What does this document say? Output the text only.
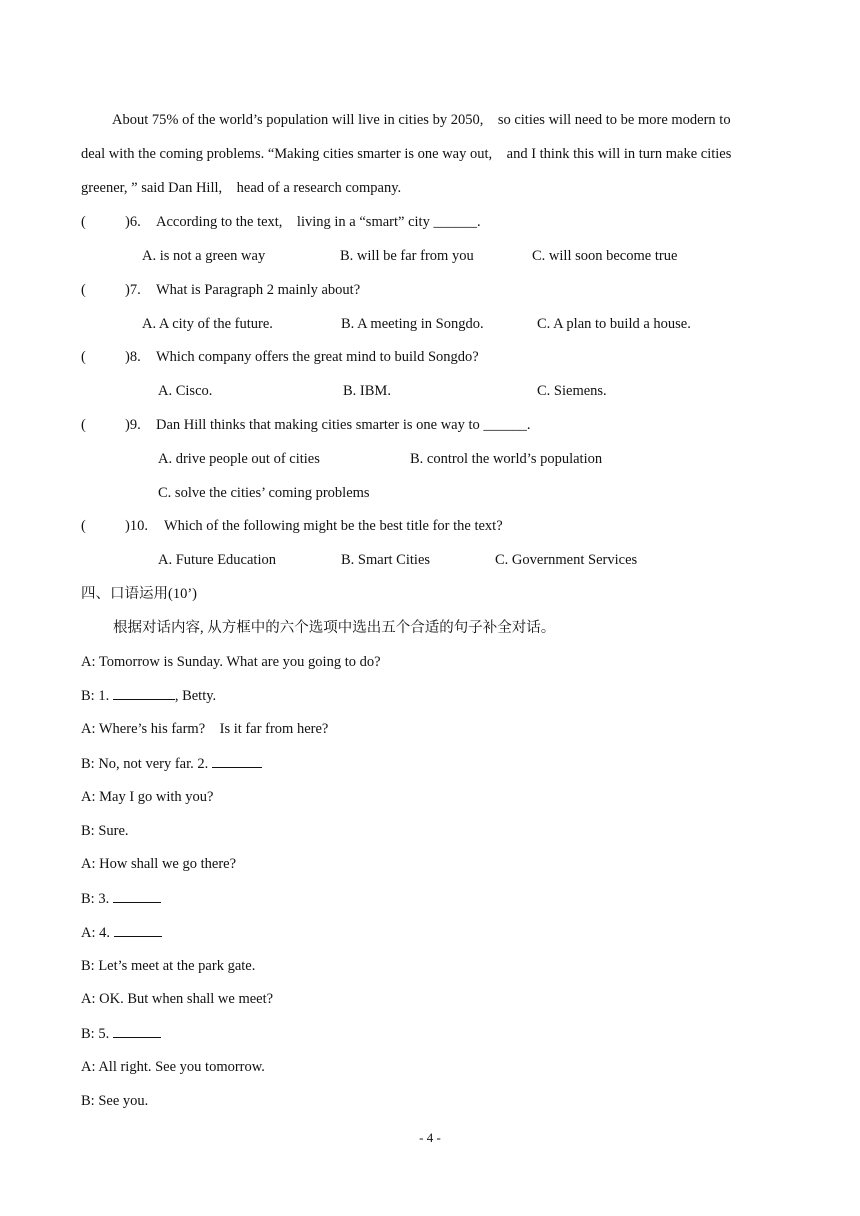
About 75% of the world’s population will live in cities by 2050,    so cities will need to be more modern to
deal with the coming problems. “Making cities smarter is one way out,    and I think this will in turn make cities
greener, ” said Dan Hill,    head of a research company.
(	)6. According to the text,    living in a “smart” city ______.
A. is not a green way	B. will be far from you	C. will soon become true
(	)7. What is Paragraph 2 mainly about?
A. A city of the future.	B. A meeting in Songdo.	C. A plan to build a house.
(	)8. Which company offers the great mind to build Songdo?
A. Cisco.	B. IBM.	C. Siemens.
(	)9. Dan Hill thinks that making cities smarter is one way to ______.
A. drive people out of cities	B. control the world’s population
C. solve the cities’ coming problems
(	)10. Which of the following might be the best title for the text?
A. Future Education	B. Smart Cities	C. Government Services
四、口语运用(10’)
根据对话内容, 从方框中的六个选项中选出五个合适的句子补全对话。
A: Tomorrow is Sunday. What are you going to do?
B: 1.	, Betty.
A: Where’s his farm?    Is it far from here?
B: No, not very far. 2.
A: May I go with you?
B: Sure.
A: How shall we go there?
B: 3.
A: 4.
B: Let’s meet at the park gate.
A: OK. But when shall we meet?
B: 5.
A: All right. See you tomorrow.
B: See you.
- 4 -
